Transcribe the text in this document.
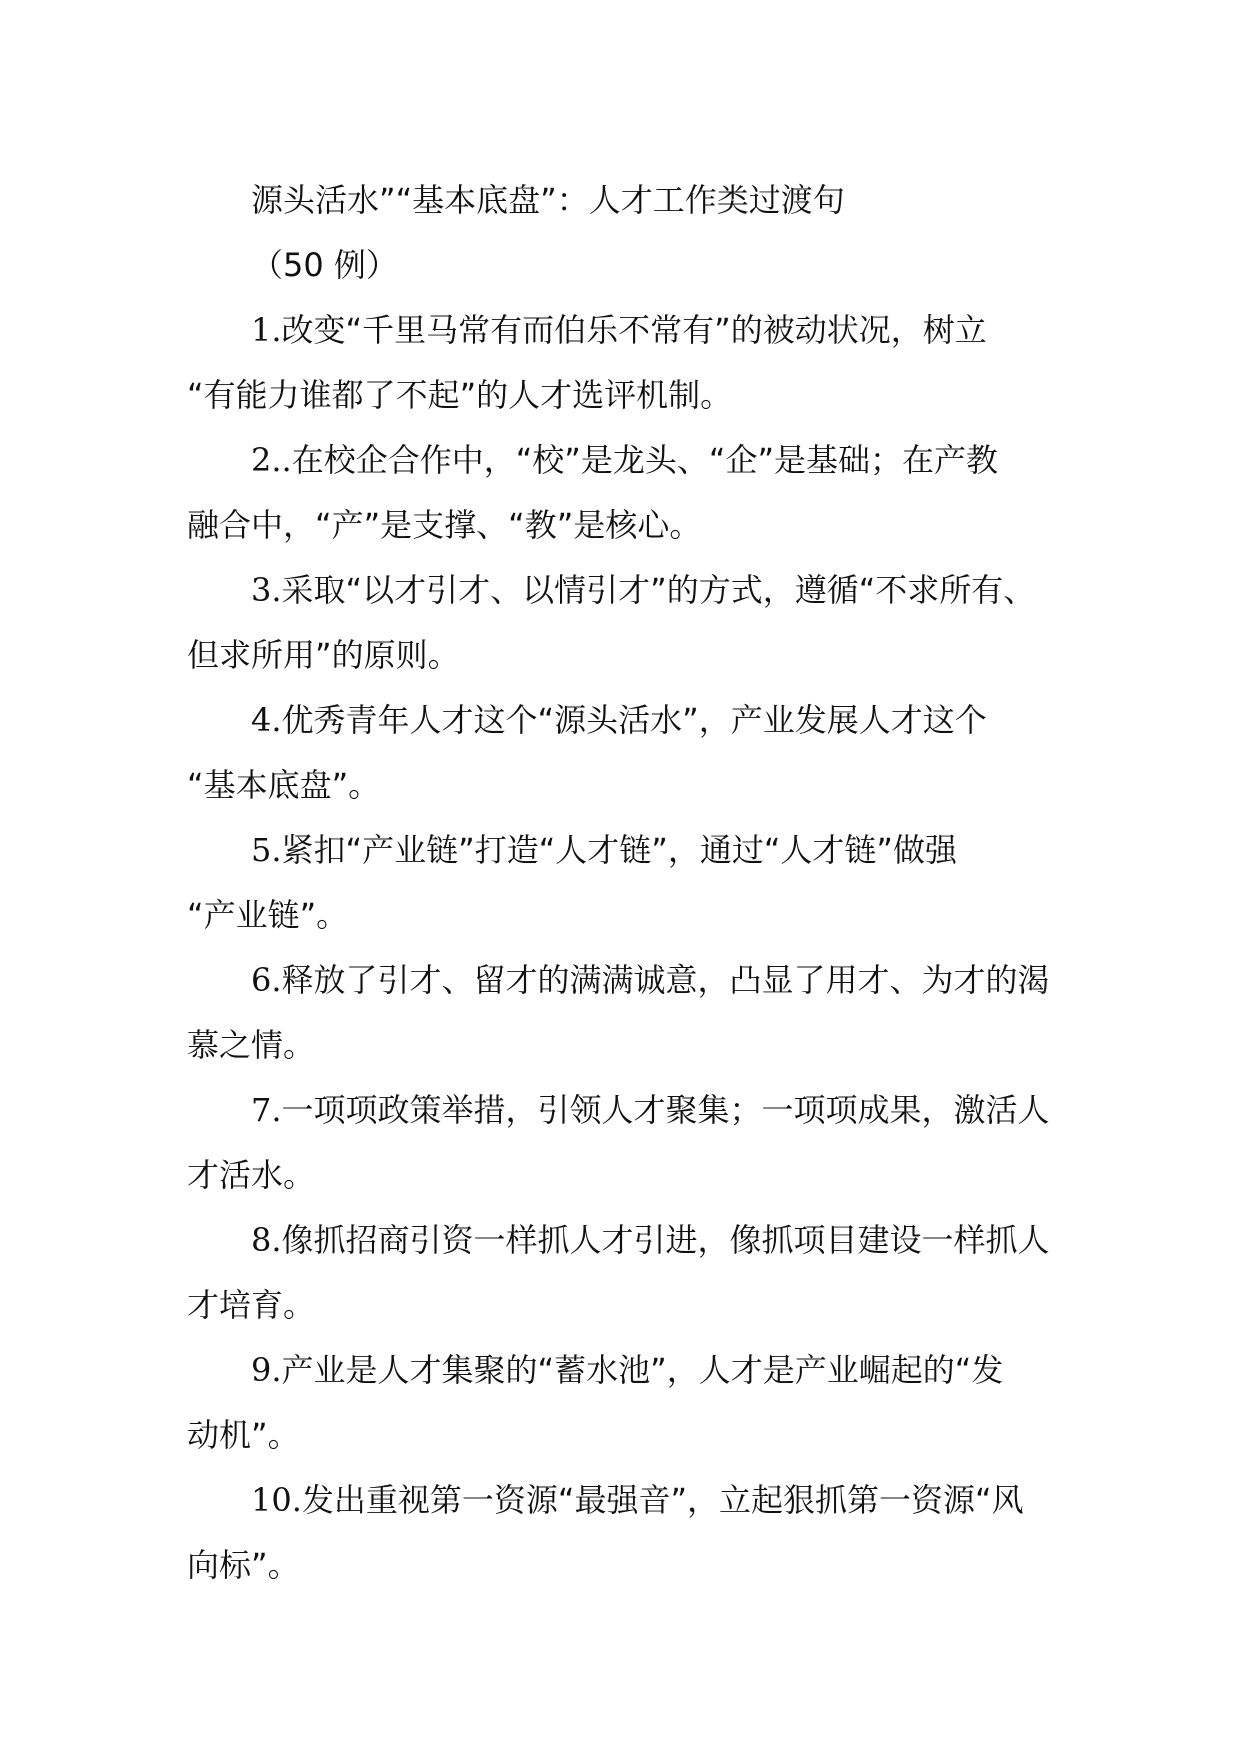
源头活水”“基本底盘”：人才工作类过渡句
（50 例）
1.改变“千里马常有而伯乐不常有”的被动状况，树立
“有能力谁都了不起”的人才选评机制。
2..在校企合作中，“校”是龙头、“企”是基础；在产教
融合中，“产”是支撑、“教”是核心。
3.采取“以才引才、以情引才”的方式，遵循“不求所有、
但求所用”的原则。
4.优秀青年人才这个“源头活水”，产业发展人才这个
“基本底盘”。
5.紧扣“产业链”打造“人才链”，通过“人才链”做强
“产业链”。
6.释放了引才、留才的满满诚意，凸显了用才、为才的渴
慕之情。
7.一项项政策举措，引领人才聚集；一项项成果，激活人
才活水。
8.像抓招商引资一样抓人才引进，像抓项目建设一样抓人
才培育。
9.产业是人才集聚的“蓄水池”，人才是产业崛起的“发
动机”。
10.发出重视第一资源“最强音”，立起狠抓第一资源“风
向标”。
